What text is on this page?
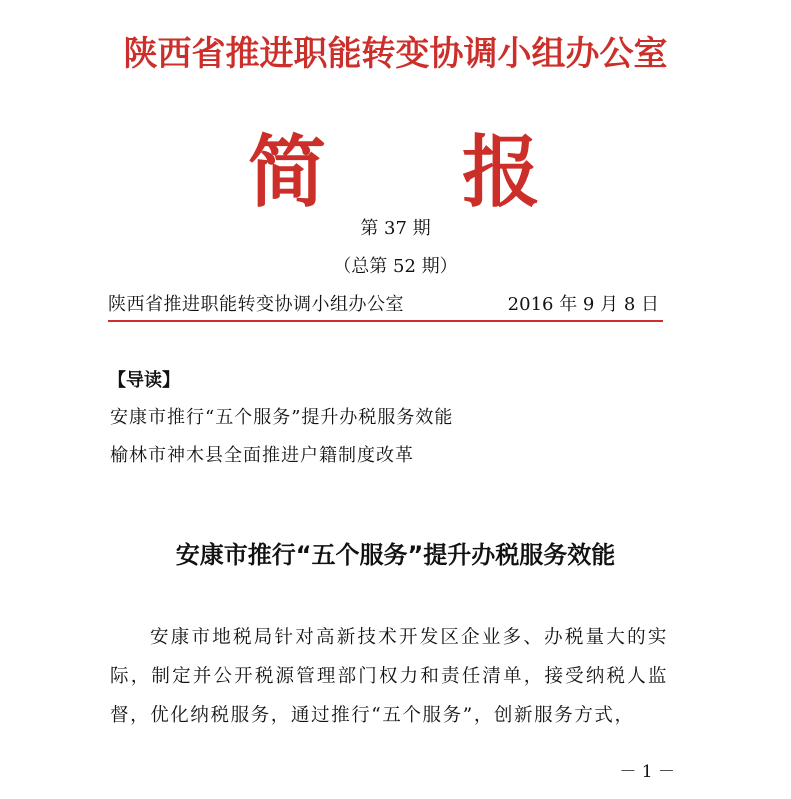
陕西省推进职能转变协调小组办公室
简 报
第 37 期
（总第 52 期）
陕西省推进职能转变协调小组办公室	2016 年 9 月 8 日
【导读】
安康市推行“五个服务”提升办税服务效能
榆林市神木县全面推进户籍制度改革
安康市推行“五个服务”提升办税服务效能
安康市地税局针对高新技术开发区企业多、办税量大的实际，制定并公开税源管理部门权力和责任清单，接受纳税人监督，优化纳税服务，通过推行“五个服务”，创新服务方式，
－ 1 －
